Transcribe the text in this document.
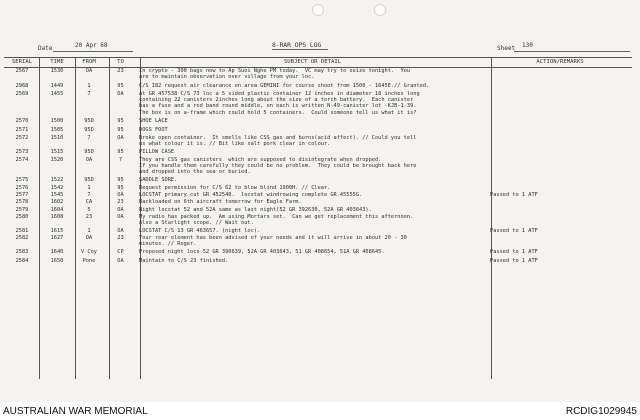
Date	20 Apr 68	8-RAR OPS LOG	Sheet 130
SERIAL	TIME	FROM	TO	SUBJECT OR DETAIL	ACTION/REMARKS
2567	1530	OA	23	In crypto - 300 bags now to Ap Suoi Nghe PM today.  VC may try to seize tonight.  You
are to maintain observation over village from your loc.	
2968	1449	1	95	C/S I82 request air clearance on area GEMINI for course shoot from 1500 - 1645E.// Granted.	
2569	1455	7	OA	At GR 457538 C/S 73 loc a 5 sided plastic container 12 inches in diameter 18 inches long
containing 22 canisters 2inches long about the size of a torch battery.  Each canister
has a fuse and a red band round middle, on each is written N-49-canister lot -KJB-1-39.
The box is on a-frame which could hold 5 containers.  Could someone tell us what it is?	
2570	1500	95D	95	SHOE LACE	
2571	1505	95D	95	DOGS FOOT	
2572	1510	7	OA	Broke open container.  It smells like CSS gas and burns(acid affect). // Could you tell
us what colour it is. // Bit like salt pork clear in colour.	
2573	1515	95D	95	PILLOW CASE	
2574	1520	OA	7	They are CSS gas canisters  which are supposed to disintegrate when dropped.
If you handle them carefully they could be no problem.  They could be brought back here
and dropped into the sea or buried.	
2575	1522	95D	95	SADDLE SORE.	
2576	1542	1	95	Request permission for C/S 62 to blow blind 1900H. // Clear.	
2577	1545	7	OA	LOCSTAT primary cut GR 452540.  locstat windrowing complete GR 45555G.	Passed to 1 ATF
2578	1602	CA	23	Backloaded on 6th aircraft tomorrow for Eagle Farm.	
2579	1604	5	OA	Night locstat 52 and 52A same as last night(52 GR 392630, 52A GR 403643).	
2580	1608	23	OA	My radio has packed up.  Am using Mortars set.  Can we get replacement this afternoon.
Also a Starlight scope. // Wait out.	
2581	1615	1	OA	LOCSTAT C/S 13 GR 463657. (night loc).	Passed to 1 ATF
2582	1627	OA	23	Your rear element has been advised of your needs and it will arrive in about 20 - 30
minutes. // Roger.	
2583	1640	V Coy	CP	Proposed night locs 52 GR 390639, 52A GR 403643, 51 GR 408654, 51A GR 408645.	Passed to 1 ATF
2584	1650	Pone	OA	Maintain to C/S 23 finished.	Passed to 1 ATF
AUSTRALIAN WAR MEMORIAL	RCDIG1029945
